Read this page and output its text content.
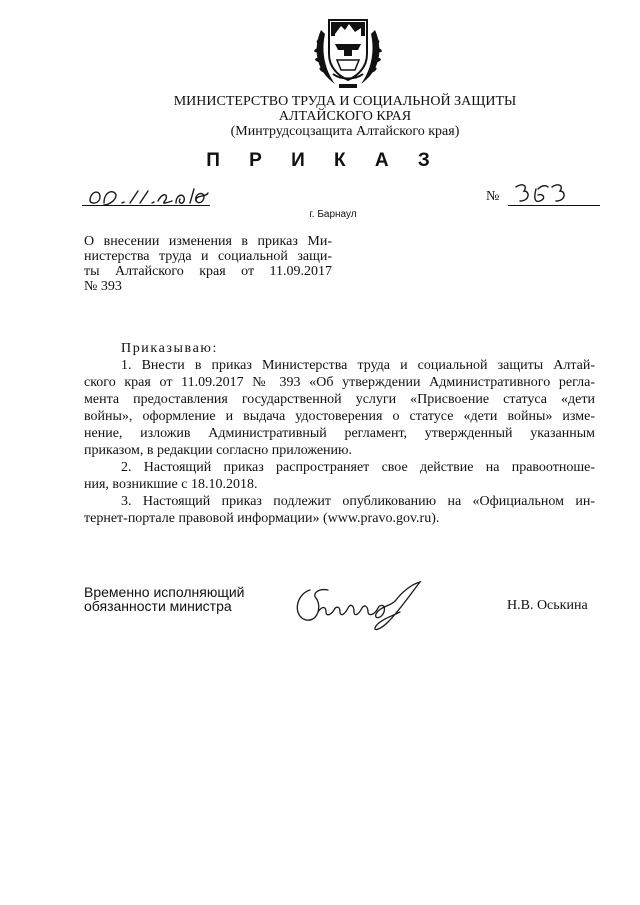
МИНИСТЕРСТВО ТРУДА И СОЦИАЛЬНОЙ ЗАЩИТЫ
АЛТАЙСКОГО КРАЯ
(Минтрудсоцзащита Алтайского края)
П Р И К А З
№
г. Барнаул
О внесении изменения в приказ Ми-
нистерства труда и социальной защи-
ты Алтайского края от 11.09.2017
№ 393
Приказываю:
1. Внести в приказ Министерства труда и социальной защиты Алтай-
ского края от 11.09.2017 № 393 «Об утверждении Административного регла-
мента предоставления государственной услуги «Присвоение статуса «дети
войны», оформление и выдача удостоверения о статусе «дети войны» изме-
нение, изложив Административный регламент, утвержденный указанным
приказом, в редакции согласно приложению.
2. Настоящий приказ распространяет свое действие на правоотноше-
ния, возникшие с 18.10.2018.
3. Настоящий приказ подлежит опубликованию на «Официальном ин-
тернет-портале правовой информации» (www.pravo.gov.ru).
Временно исполняющий
обязанности министра	Н.В. Оськина
